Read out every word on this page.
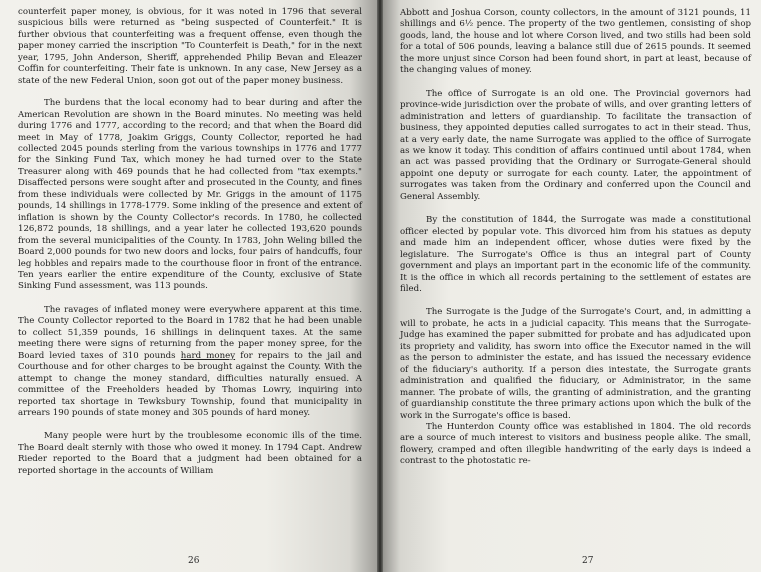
counterfeit paper money, is obvious, for it was noted in 1796 that several suspicious bills were returned as "being suspected of Counterfeit." It is further obvious that counterfeiting was a frequent offense, even though the paper money carried the inscription "To Counterfeit is Death," for in the next year, 1795, John Anderson, Sheriff, apprehended Philip Bevan and Eleazer Coffin for counterfeiting. Their fate is unknown. In any case, New Jersey as a state of the new Federal Union, soon got out of the paper money business.

The burdens that the local economy had to bear during and after the American Revolution are shown in the Board minutes. No meeting was held during 1776 and 1777, according to the record; and that when the Board did meet in May of 1778, Joakim Griggs, County Collector, reported he had collected 2045 pounds sterling from the various townships in 1776 and 1777 for the Sinking Fund Tax, which money he had turned over to the State Treasurer along with 469 pounds that he had collected from "tax exempts." Disaffected persons were sought after and prosecuted in the County, and fines from these individuals were collected by Mr. Griggs in the amount of 1175 pounds, 14 shillings in 1778-1779. Some inkling of the presence and extent of inflation is shown by the County Collector's records. In 1780, he collected 126,872 pounds, 18 shillings, and a year later he collected 193,620 pounds from the several municipalities of the County. In 1783, John Weling billed the Board 2,000 pounds for two new doors and locks, four pairs of handcuffs, four leg hobbles and repairs made to the courthouse floor in front of the entrance. Ten years earlier the entire expenditure of the County, exclusive of State Sinking Fund assessment, was 113 pounds.

The ravages of inflated money were everywhere apparent at this time. The County Collector reported to the Board in 1782 that he had been unable to collect 51,359 pounds, 16 shillings in delinquent taxes. At the same meeting there were signs of returning from the paper money spree, for the Board levied taxes of 310 pounds hard money for repairs to the jail and Courthouse and for other charges to be brought against the County. With the attempt to change the money standard, difficulties naturally ensued. A committee of the Freeholders headed by Thomas Lowry, inquiring into reported tax shortage in Tewksbury Township, found that municipality in arrears 190 pounds of state money and 305 pounds of hard money.

Many people were hurt by the troublesome economic ills of the time. The Board dealt sternly with those who owed it money. In 1794 Capt. Andrew Rieder reported to the Board that a judgment had been obtained for a reported shortage in the accounts of William

26

Abbott and Joshua Corson, county collectors, in the amount of 3121 pounds, 11 shillings and 6½ pence. The property of the two gentlemen, consisting of shop goods, land, the house and lot where Corson lived, and two stills had been sold for a total of 506 pounds, leaving a balance still due of 2615 pounds. It seemed the more unjust since Corson had been found short, in part at least, because of the changing values of money.

The office of Surrogate is an old one. The Provincial governors had province-wide jurisdiction over the probate of wills, and over granting letters of administration and letters of guardianship. To facilitate the transaction of business, they appointed deputies called surrogates to act in their stead. Thus, at a very early date, the name Surrogate was applied to the office of Surrogate as we know it today. This condition of affairs continued until about 1784, when an act was passed providing that the Ordinary or Surrogate-General should appoint one deputy or surrogate for each county. Later, the appointment of surrogates was taken from the Ordinary and conferred upon the Council and General Assembly.

By the constitution of 1844, the Surrogate was made a constitutional officer elected by popular vote. This divorced him from his statues as deputy and made him an independent officer, whose duties were fixed by the legislature. The Surrogate's Office is thus an integral part of County government and plays an important part in the economic life of the community. It is the office in which all records pertaining to the settlement of estates are filed.

The Surrogate is the Judge of the Surrogate's Court, and, in admitting a will to probate, he acts in a judicial capacity. This means that the Surrogate-Judge has examined the paper submitted for probate and has adjudicated upon its propriety and validity, has sworn into office the Executor named in the will as the person to administer the estate, and has issued the necessary evidence of the fiduciary's authority. If a person dies intestate, the Surrogate grants administration and qualified the fiduciary, or Administrator, in the same manner. The probate of wills, the granting of administration, and the granting of guardianship constitute the three primary actions upon which the bulk of the work in the Surrogate's office is based.

The Hunterdon County office was established in 1804. The old records are a source of much interest to visitors and business people alike. The small, flowery, cramped and often illegible handwriting of the early days is indeed a contrast to the photostatic re-

27
